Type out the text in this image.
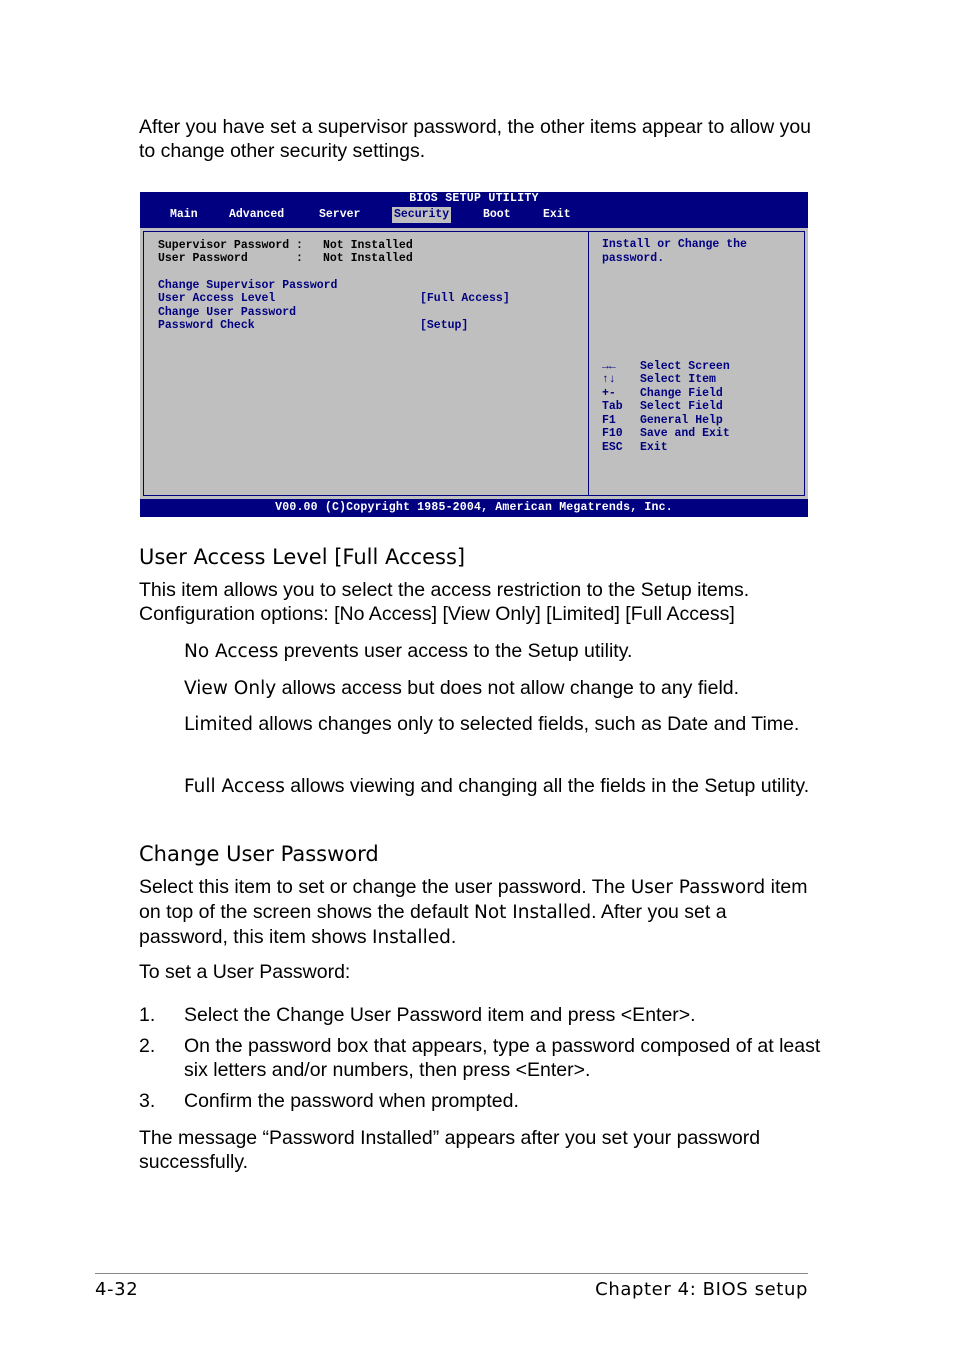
After you have set a supervisor password, the other items appear to allow you to change other security settings.

BIOS SETUP UTILITY
Main	Advanced	Server	Security	Boot	Exit
Supervisor Password : Not Installed
User Password       : Not Installed
Change Supervisor Password
User Access Level	[Full Access]
Change User Password
Password Check	[Setup]
Install or Change the
password.
→← Select Screen
↑↓ Select Item
+- Change Field
Tab Select Field
F1 General Help
F10 Save and Exit
ESC Exit
V00.00 (C)Copyright 1985-2004, American Megatrends, Inc.
User Access Level [Full Access]

This item allows you to select the access restriction to the Setup items. Configuration options: [No Access] [View Only] [Limited] [Full Access]

No Access prevents user access to the Setup utility.

View Only allows access but does not allow change to any field.

Limited allows changes only to selected fields, such as Date and Time.

Full Access allows viewing and changing all the fields in the Setup utility.

Change User Password

Select this item to set or change the user password. The User Password item on top of the screen shows the default Not Installed. After you set a password, this item shows Installed.

To set a User Password:

1. Select the Change User Password item and press <Enter>.

2. On the password box that appears, type a password composed of at least six letters and/or numbers, then press <Enter>.

3. Confirm the password when prompted.

The message “Password Installed” appears after you set your password successfully.

4-32	Chapter 4: BIOS setup
